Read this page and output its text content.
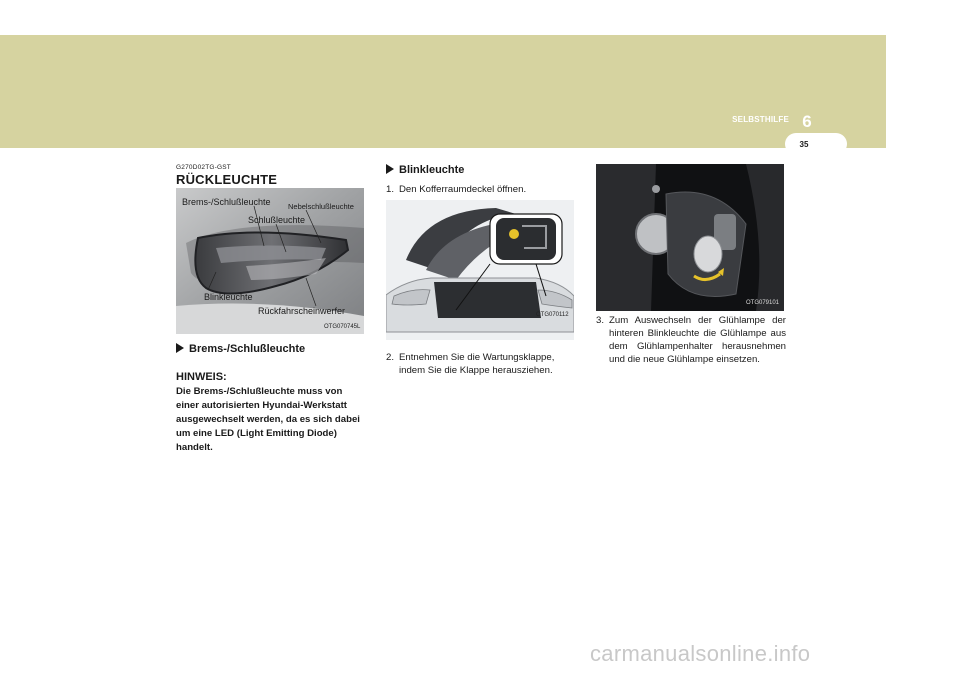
6
SELBSTHILFE
35
G270D02TG-GST
RÜCKLEUCHTE
Brems-/Schlußleuchte Nebelschlußleuchte
Schlußleuchte
Blinkleuchte
Rückfahrscheinwerfer
OTG070745L
Brems-/Schlußleuchte
HINWEIS:
Die Brems-/Schlußleuchte muss von einer autorisierten Hyundai-Werkstatt ausgewechselt werden, da es sich dabei um eine LED (Light Emitting Diode) handelt.
Blinkleuchte
1. Den Kofferraumdeckel öffnen.
OTG070112
2. Entnehmen Sie die Wartungsklappe, indem Sie die Klappe herausziehen.
OTG079101
3. Zum Auswechseln der Glühlampe der hinteren Blinkleuchte die Glühlampe aus dem Glühlampenhalter herausnehmen und die neue Glühlampe einsetzen.
carmanualsonline.info
